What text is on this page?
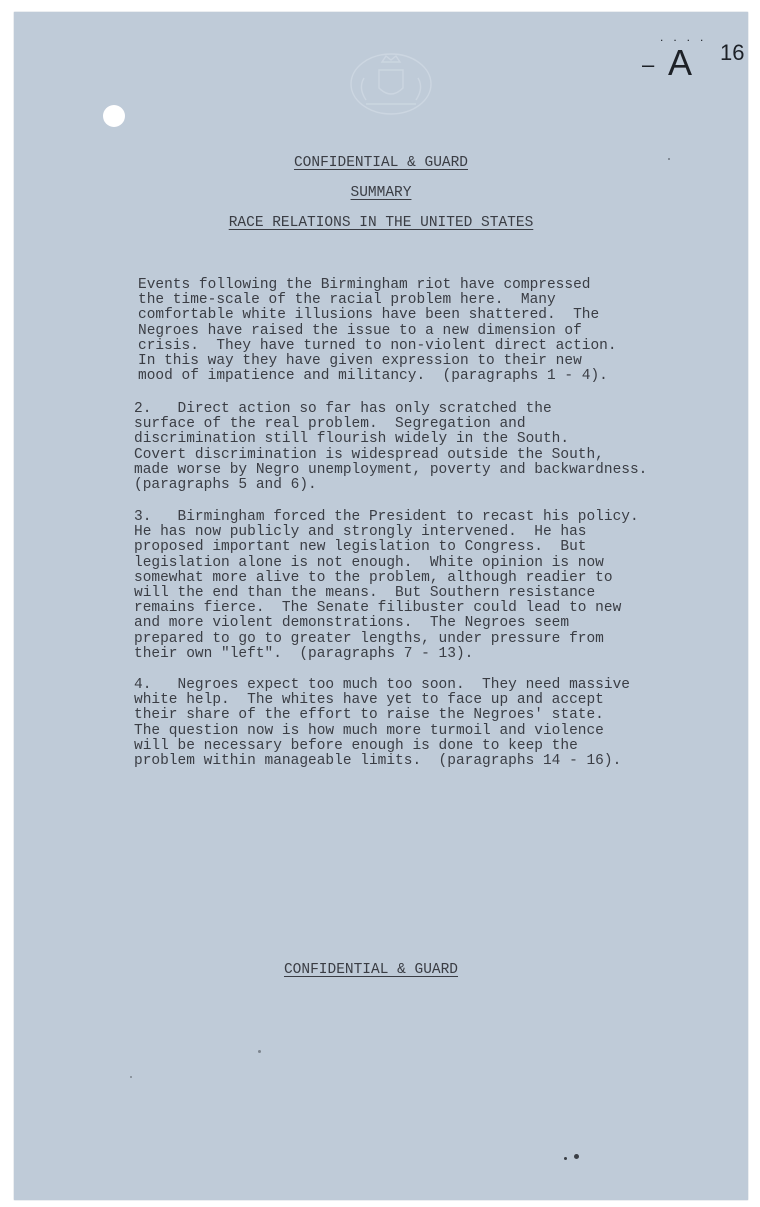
....
– A 16
CONFIDENTIAL & GUARD
SUMMARY
RACE RELATIONS IN THE UNITED STATES
Events following the Birmingham riot have compressed
the time-scale of the racial problem here.  Many
comfortable white illusions have been shattered.  The
Negroes have raised the issue to a new dimension of
crisis.  They have turned to non-violent direct action.
In this way they have given expression to their new
mood of impatience and militancy.  (paragraphs 1 - 4).
2.   Direct action so far has only scratched the
surface of the real problem.  Segregation and
discrimination still flourish widely in the South.
Covert discrimination is widespread outside the South,
made worse by Negro unemployment, poverty and backwardness.
(paragraphs 5 and 6).
3.   Birmingham forced the President to recast his policy.
He has now publicly and strongly intervened.  He has
proposed important new legislation to Congress.  But
legislation alone is not enough.  White opinion is now
somewhat more alive to the problem, although readier to
will the end than the means.  But Southern resistance
remains fierce.  The Senate filibuster could lead to new
and more violent demonstrations.  The Negroes seem
prepared to go to greater lengths, under pressure from
their own "left".  (paragraphs 7 - 13).
4.   Negroes expect too much too soon.  They need massive
white help.  The whites have yet to face up and accept
their share of the effort to raise the Negroes' state.
The question now is how much more turmoil and violence
will be necessary before enough is done to keep the
problem within manageable limits.  (paragraphs 14 - 16).
CONFIDENTIAL & GUARD
